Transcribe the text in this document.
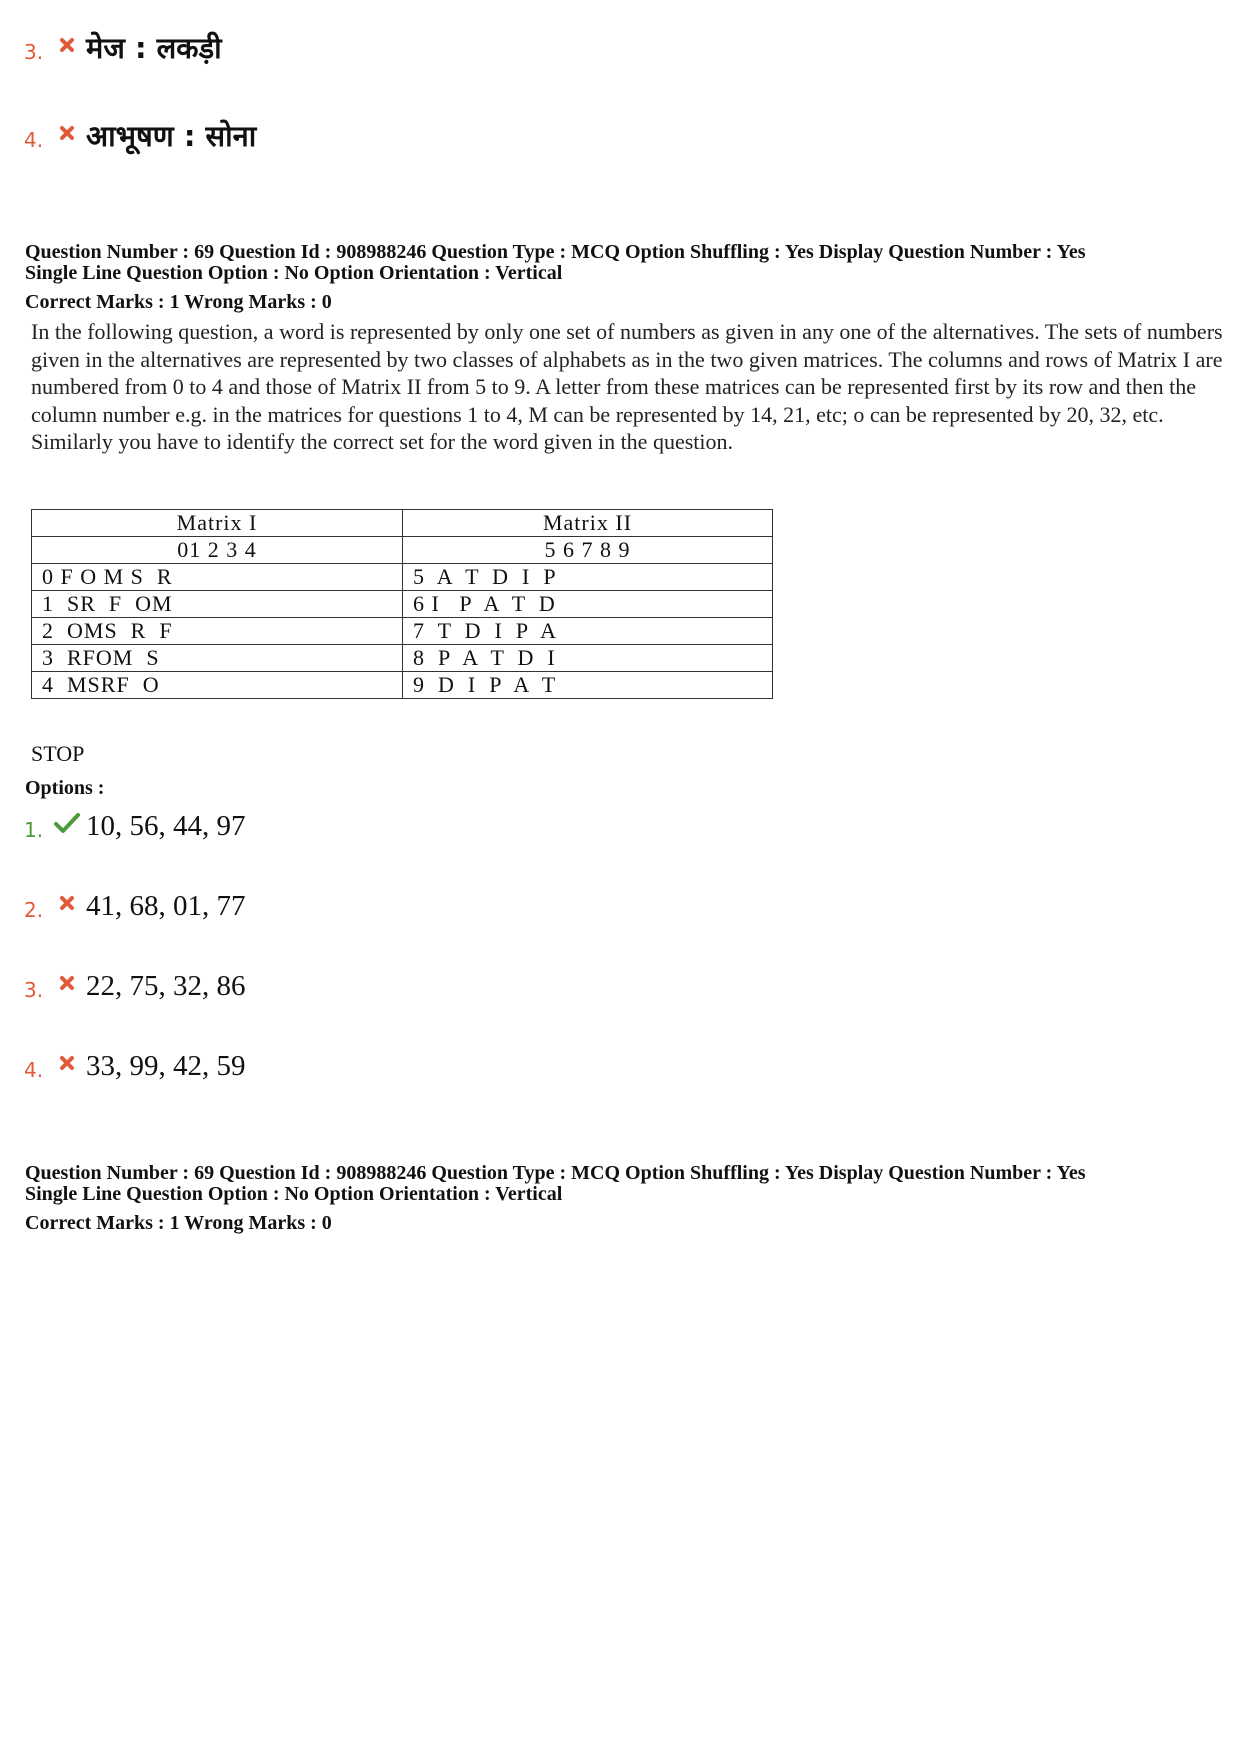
3.	मेज : लकड़ी
4.	आभूषण : सोना
Question Number : 69 Question Id : 908988246 Question Type : MCQ Option Shuffling : Yes Display Question Number : Yes
Single Line Question Option : No Option Orientation : Vertical
Correct Marks : 1 Wrong Marks : 0
In the following question, a word is represented by only one set of numbers as given in any one of the alternatives. The sets of numbers given in the alternatives are represented by two classes of alphabets as in the two given matrices. The columns and rows of Matrix I are numbered from 0 to 4 and those of Matrix II from 5 to 9. A letter from these matrices can be represented first by its row and then the column number e.g. in the matrices for questions 1 to 4, M can be represented by 14, 21, etc; o can be represented by 20, 32, etc. Similarly you have to identify the correct set for the word given in the question.
Matrix I	Matrix II
01 2 3 4	5 6 7 8 9
0 F O M S  R	5  A  T  D  I  P
1  SR  F  OM	6 I   P  A  T  D
2  OMS  R  F	7  T  D  I  P  A
3  RFOM  S	8  P  A  T  D  I
4  MSRF  O	9  D  I  P  A  T
STOP
Options :
1.	10, 56, 44, 97
2.	41, 68, 01, 77
3.	22, 75, 32, 86
4.	33, 99, 42, 59
Question Number : 69 Question Id : 908988246 Question Type : MCQ Option Shuffling : Yes Display Question Number : Yes
Single Line Question Option : No Option Orientation : Vertical
Correct Marks : 1 Wrong Marks : 0
